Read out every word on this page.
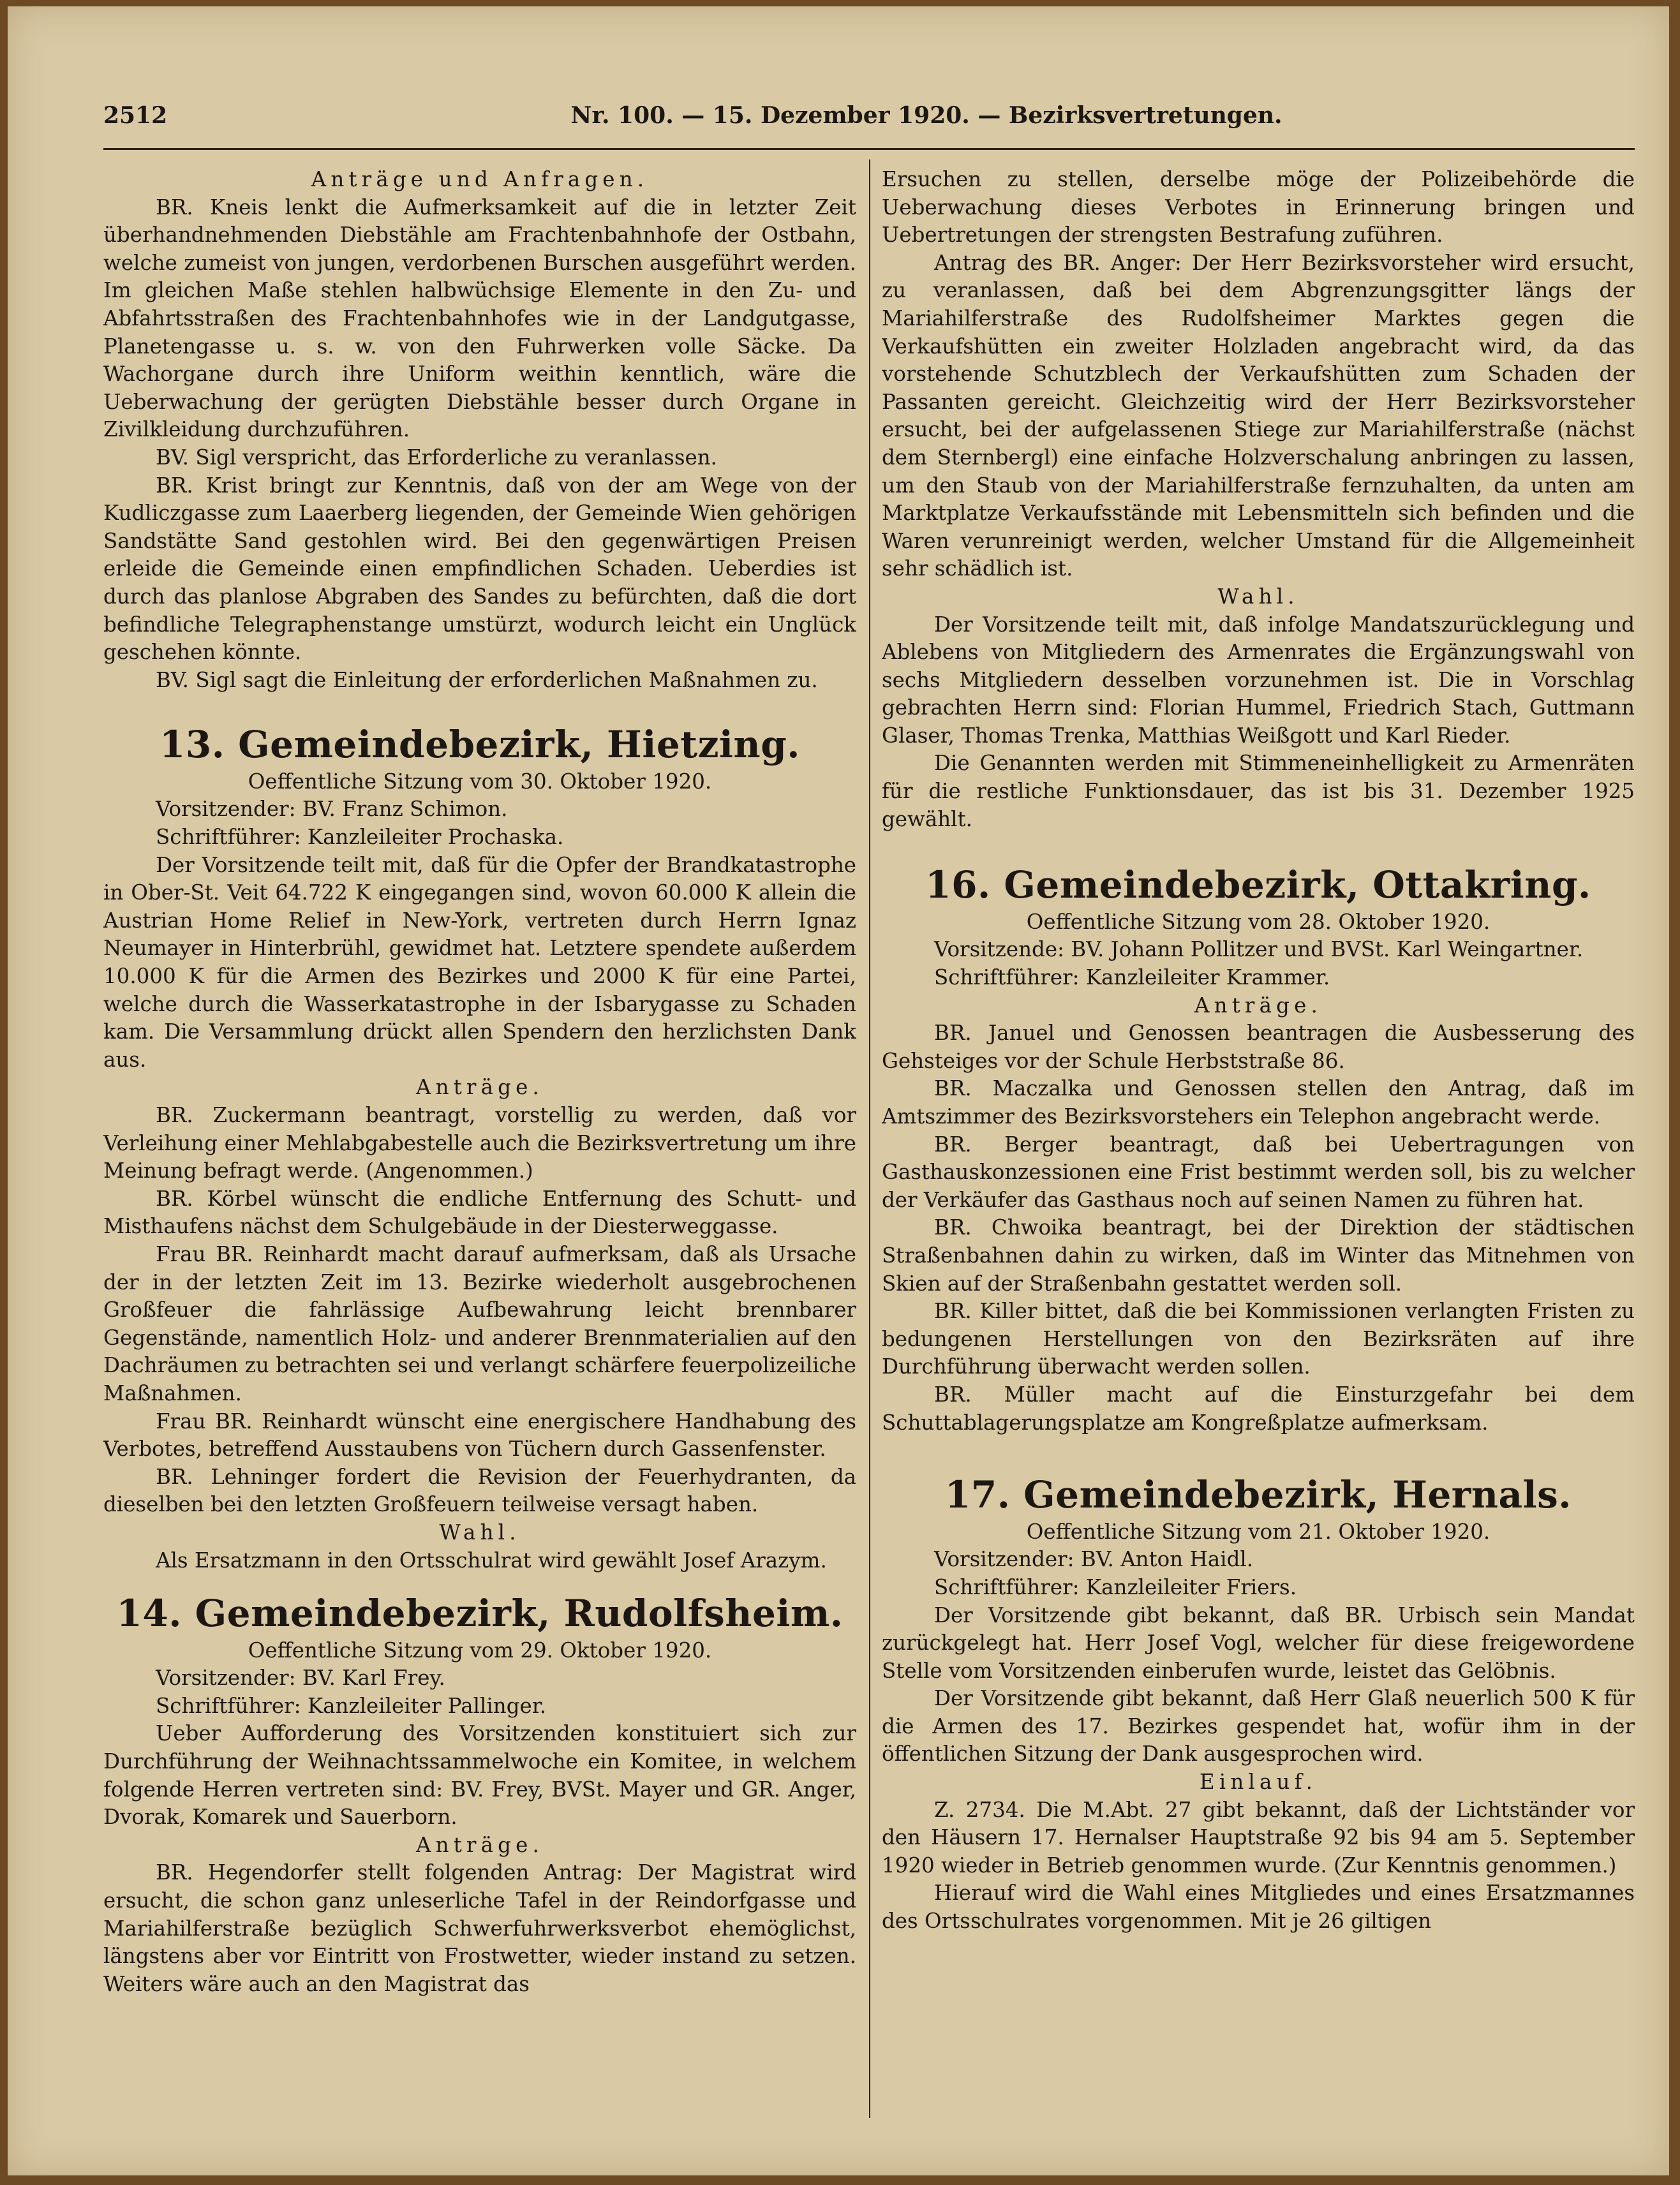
2512	Nr. 100. — 15. Dezember 1920. — Bezirksvertretungen.

Anträge und Anfragen.

BR. Kneis lenkt die Aufmerksamkeit auf die in letzter Zeit überhandnehmenden Diebstähle am Frachtenbahnhofe der Ostbahn, welche zumeist von jungen, verdorbenen Burschen ausgeführt werden. Im gleichen Maße stehlen halbwüchsige Elemente in den Zu- und Abfahrtsstraßen des Frachtenbahnhofes wie in der Landgutgasse, Planetengasse u. s. w. von den Fuhrwerken volle Säcke. Da Wachorgane durch ihre Uniform weithin kenntlich, wäre die Ueberwachung der gerügten Diebstähle besser durch Organe in Zivilkleidung durchzuführen.

BV. Sigl verspricht, das Erforderliche zu veranlassen.

BR. Krist bringt zur Kenntnis, daß von der am Wege von der Kudliczgasse zum Laaerberg liegenden, der Gemeinde Wien gehörigen Sandstätte Sand gestohlen wird. Bei den gegenwärtigen Preisen erleide die Gemeinde einen empfindlichen Schaden. Ueberdies ist durch das planlose Abgraben des Sandes zu befürchten, daß die dort befindliche Telegraphenstange umstürzt, wodurch leicht ein Unglück geschehen könnte.

BV. Sigl sagt die Einleitung der erforderlichen Maßnahmen zu.

13. Gemeindebezirk, Hietzing.

Oeffentliche Sitzung vom 30. Oktober 1920.

Vorsitzender: BV. Franz Schimon.

Schriftführer: Kanzleileiter Prochaska.

Der Vorsitzende teilt mit, daß für die Opfer der Brandkatastrophe in Ober-St. Veit 64.722 K eingegangen sind, wovon 60.000 K allein die Austrian Home Relief in New-York, vertreten durch Herrn Ignaz Neumayer in Hinterbrühl, gewidmet hat. Letztere spendete außerdem 10.000 K für die Armen des Bezirkes und 2000 K für eine Partei, welche durch die Wasserkatastrophe in der Isbarygasse zu Schaden kam. Die Versammlung drückt allen Spendern den herzlichsten Dank aus.

Anträge.

BR. Zuckermann beantragt, vorstellig zu werden, daß vor Verleihung einer Mehlabgabestelle auch die Bezirksvertretung um ihre Meinung befragt werde. (Angenommen.)

BR. Körbel wünscht die endliche Entfernung des Schutt- und Misthaufens nächst dem Schulgebäude in der Diesterweggasse.

Frau BR. Reinhardt macht darauf aufmerksam, daß als Ursache der in der letzten Zeit im 13. Bezirke wiederholt ausgebrochenen Großfeuer die fahrlässige Aufbewahrung leicht brennbarer Gegenstände, namentlich Holz- und anderer Brennmaterialien auf den Dachräumen zu betrachten sei und verlangt schärfere feuerpolizeiliche Maßnahmen.

Frau BR. Reinhardt wünscht eine energischere Handhabung des Verbotes, betreffend Ausstaubens von Tüchern durch Gassenfenster.

BR. Lehninger fordert die Revision der Feuerhydranten, da dieselben bei den letzten Großfeuern teilweise versagt haben.

Wahl.

Als Ersatzmann in den Ortsschulrat wird gewählt Josef Arazym.

14. Gemeindebezirk, Rudolfsheim.

Oeffentliche Sitzung vom 29. Oktober 1920.

Vorsitzender: BV. Karl Frey.

Schriftführer: Kanzleileiter Pallinger.

Ueber Aufforderung des Vorsitzenden konstituiert sich zur Durchführung der Weihnachtssammelwoche ein Komitee, in welchem folgende Herren vertreten sind: BV. Frey, BVSt. Mayer und GR. Anger, Dvorak, Komarek und Sauerborn.

Anträge.

BR. Hegendorfer stellt folgenden Antrag: Der Magistrat wird ersucht, die schon ganz unleserliche Tafel in der Reindorfgasse und Mariahilferstraße bezüglich Schwerfuhrwerksverbot ehemöglichst, längstens aber vor Eintritt von Frostwetter, wieder instand zu setzen. Weiters wäre auch an den Magistrat das

Ersuchen zu stellen, derselbe möge der Polizeibehörde die Ueberwachung dieses Verbotes in Erinnerung bringen und Uebertretungen der strengsten Bestrafung zuführen.

Antrag des BR. Anger: Der Herr Bezirksvorsteher wird ersucht, zu veranlassen, daß bei dem Abgrenzungsgitter längs der Mariahilferstraße des Rudolfsheimer Marktes gegen die Verkaufshütten ein zweiter Holzladen angebracht wird, da das vorstehende Schutzblech der Verkaufshütten zum Schaden der Passanten gereicht. Gleichzeitig wird der Herr Bezirksvorsteher ersucht, bei der aufgelassenen Stiege zur Mariahilferstraße (nächst dem Sternbergl) eine einfache Holzverschalung anbringen zu lassen, um den Staub von der Mariahilferstraße fernzuhalten, da unten am Marktplatze Verkaufsstände mit Lebensmitteln sich befinden und die Waren verunreinigt werden, welcher Umstand für die Allgemeinheit sehr schädlich ist.

Wahl.

Der Vorsitzende teilt mit, daß infolge Mandatszurücklegung und Ablebens von Mitgliedern des Armenrates die Ergänzungswahl von sechs Mitgliedern desselben vorzunehmen ist. Die in Vorschlag gebrachten Herrn sind: Florian Hummel, Friedrich Stach, Guttmann Glaser, Thomas Trenka, Matthias Weißgott und Karl Rieder.

Die Genannten werden mit Stimmeneinhelligkeit zu Armenräten für die restliche Funktionsdauer, das ist bis 31. Dezember 1925 gewählt.

16. Gemeindebezirk, Ottakring.

Oeffentliche Sitzung vom 28. Oktober 1920.

Vorsitzende: BV. Johann Pollitzer und BVSt. Karl Weingartner.

Schriftführer: Kanzleileiter Krammer.

Anträge.

BR. Januel und Genossen beantragen die Ausbesserung des Gehsteiges vor der Schule Herbststraße 86.

BR. Maczalka und Genossen stellen den Antrag, daß im Amtszimmer des Bezirksvorstehers ein Telephon angebracht werde.

BR. Berger beantragt, daß bei Uebertragungen von Gasthauskonzessionen eine Frist bestimmt werden soll, bis zu welcher der Verkäufer das Gasthaus noch auf seinen Namen zu führen hat.

BR. Chwoika beantragt, bei der Direktion der städtischen Straßenbahnen dahin zu wirken, daß im Winter das Mitnehmen von Skien auf der Straßenbahn gestattet werden soll.

BR. Killer bittet, daß die bei Kommissionen verlangten Fristen zu bedungenen Herstellungen von den Bezirksräten auf ihre Durchführung überwacht werden sollen.

BR. Müller macht auf die Einsturzgefahr bei dem Schuttablagerungsplatze am Kongreßplatze aufmerksam.

17. Gemeindebezirk, Hernals.

Oeffentliche Sitzung vom 21. Oktober 1920.

Vorsitzender: BV. Anton Haidl.

Schriftführer: Kanzleileiter Friers.

Der Vorsitzende gibt bekannt, daß BR. Urbisch sein Mandat zurückgelegt hat. Herr Josef Vogl, welcher für diese freigewordene Stelle vom Vorsitzenden einberufen wurde, leistet das Gelöbnis.

Der Vorsitzende gibt bekannt, daß Herr Glaß neuerlich 500 K für die Armen des 17. Bezirkes gespendet hat, wofür ihm in der öffentlichen Sitzung der Dank ausgesprochen wird.

Einlauf.

Z. 2734. Die M.Abt. 27 gibt bekannt, daß der Lichtständer vor den Häusern 17. Hernalser Hauptstraße 92 bis 94 am 5. September 1920 wieder in Betrieb genommen wurde. (Zur Kenntnis genommen.)

Hierauf wird die Wahl eines Mitgliedes und eines Ersatzmannes des Ortsschulrates vorgenommen. Mit je 26 giltigen
